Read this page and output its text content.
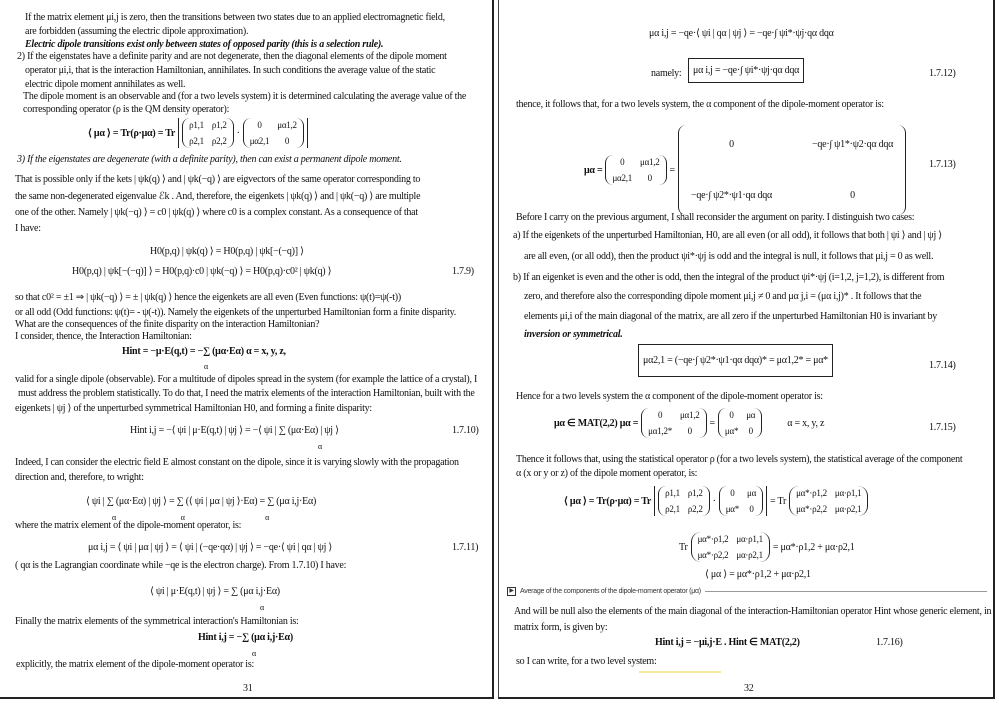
If the matrix element μi,j is zero, then the transitions between two states due to an applied electromagnetic field,
are forbidden (assuming the electric dipole approximation).
Electric dipole transitions exist only between states of opposed parity (this is a selection rule).
2) If the eigenstates have a definite parity and are not degenerate, then the diagonal elements of the dipole moment
operator μi,i, that is the interaction Hamiltonian, annihilates. In such conditions the average value of the static
electric dipole moment annihilates as well.
The dipole moment is an observable and (for a two levels system) it is determined calculating the average value of the
corresponding operator (ρ is the QM density operator):
⟨ μα ⟩ = Tr(ρ·μα) = Tr
ρ1,1 ρ1,2
ρ2,1 ρ2,2
·
0	μα1,2
μα2,1	0
3) If the eigenstates are degenerate (with a definite parity), then can exist a permanent dipole moment.
That is possible only if the kets | ψk(q) ⟩ and | ψk(−q) ⟩ are eigvectors of the same operator corresponding to
the same non-degenerated eigenvalue ℰk . And, therefore, the eigenkets | ψk(q) ⟩ and | ψk(−q) ⟩ are multiple
one of the other. Namely | ψk(−q) ⟩ = c0 | ψk(q) ⟩ where c0 is a complex constant. As a consequence of that
I have:
H0(p,q) | ψk(q) ⟩ = H0(p,q) | ψk[−(−q)] ⟩
H0(p,q) | ψk[−(−q)] ⟩ = H0(p,q)·c0 | ψk(−q) ⟩ = H0(p,q)·c0² | ψk(q) ⟩	1.7.9)
so that c0² = ±1 ⇒ | ψk(−q) ⟩ = ± | ψk(q) ⟩ hence the eigenkets are all even (Even functions: ψ(t)=ψ(-t))
or all odd (Odd functions: ψ(t)= - ψ(-t)). Namely the eigenkets of the unperturbed Hamiltonian form a finite disparity.
What are the consequences of the finite disparity on the interaction Hamiltonian?
I consider, thence, the Interaction Hamiltonian:
Hint = −μ·E(q,t) = −∑ (μα·Eα) α = x, y, z,
α
valid for a single dipole (observable). For a multitude of dipoles spread in the system (for example the lattice of a crystal), I
must address the problem statistically. To do that, I need the matrix elements of the interaction Hamiltonian, built with the
eigenkets | ψj ⟩ of the unperturbed symmetrical Hamiltonian H0, and forming a finite disparity:
Hint i,j = −⟨ ψi | μ·E(q,t) | ψj ⟩ = −⟨ ψi | ∑ (μα·Eα) | ψj ⟩
α
1.7.10)
Indeed, I can consider the electric field E almost constant on the dipole, since it is varying slowly with the propagation
direction and, therefore, to wright:
⟨ ψi | ∑ (μα·Eα) | ψj ⟩ = ∑ (⟨ ψi | μα | ψj ⟩·Eα) = ∑ (μα i,j·Eα)
α                                     α                                              α
where the matrix element of the dipole-moment operator, is:
μα i,j = ⟨ ψi | μα | ψj ⟩ = ⟨ ψi | (−qe·qα) | ψj ⟩ = −qe·⟨ ψi | qα | ψj ⟩	1.7.11)
( qα is the Lagrangian coordinate while −qe is the electron charge). From 1.7.10) I have:
⟨ ψi | μ·E(q,t) | ψj ⟩ = ∑ (μα i,j·Eα)
α
Finally the matrix elements of the symmetrical interaction's Hamiltonian is:
Hint i,j = −∑ (μα i,j·Eα)
α
explicitly, the matrix element of the dipole-moment operator is:
31
μα i,j = −qe·⟨ ψi | qα | ψj ⟩ = −qe·∫ ψi*·ψj·qα dqα
namely: μα i,j = −qe·∫ ψi*·ψj·qα dqα	1.7.12)
thence, it follows that, for a two levels system, the α component of the dipole-moment operator is:
μα =
0	μα1,2
μα2,1	0
=
0	−qe·∫ ψ1*·ψ2·qα dqα
−qe·∫ ψ2*·ψ1·qα dqα	0
1.7.13)
Before I carry on the previous argument, I shall reconsider the argument on parity. I distinguish two cases:
a) If the eigenkets of the unperturbed Hamiltonian, H0, are all even (or all odd), it follows that both | ψi ⟩ and | ψj ⟩
are all even, (or all odd), then the product ψi*·ψj is odd and the integral is null, it follows that μi,j = 0 as well.
b) If an eigenket is even and the other is odd, then the integral of the product ψi*·ψj (i=1,2, j=1,2), is different from
zero, and therefore also the corresponding dipole moment μi,j ≠ 0 and μα j,i = (μα i,j)* . It follows that the
elements μi,i of the main diagonal of the matrix, are all zero if the unperturbed Hamiltonian H0 is invariant by
inversion or symmetrical.
μα2,1 = (−qe·∫ ψ2*·ψ1·qα dqα)* = μα1,2* = μα*	1.7.14)
Hence for a two levels system the α component of the dipole-moment operator is:
μα ∈ MAT(2,2) μα =
0	μα1,2
μα1,2*	0
=
0	μα
μα* 0
α = x, y, z	1.7.15)
Thence it follows that, using the statistical operator ρ (for a two levels system), the statistical average of the component
α (x or y or z) of the dipole moment operator, is:
⟨ μα ⟩ = Tr(ρ·μα) = Tr
ρ1,1 ρ1,2
ρ2,1 ρ2,2
·
0	μα
μα* 0
= Tr
μα*·ρ1,2 μα·ρ1,1
μα*·ρ2,2 μα·ρ2,1
Tr
μα*·ρ1,2 μα·ρ1,1
μα*·ρ2,2 μα·ρ2,1
= μα*·ρ1,2 + μα·ρ2,1
⟨ μα ⟩ = μα*·ρ1,2 + μα·ρ2,1
▶ Average of the components of the dipole-moment operator (μα)
And will be null also the elements of the main diagonal of the interaction-Hamiltonian operator Hint whose generic element, in
matrix form, is given by:
Hint i,j = −μi,j·E . Hint ∈ MAT(2,2)	1.7.16)
so I can write, for a two level system:
32
